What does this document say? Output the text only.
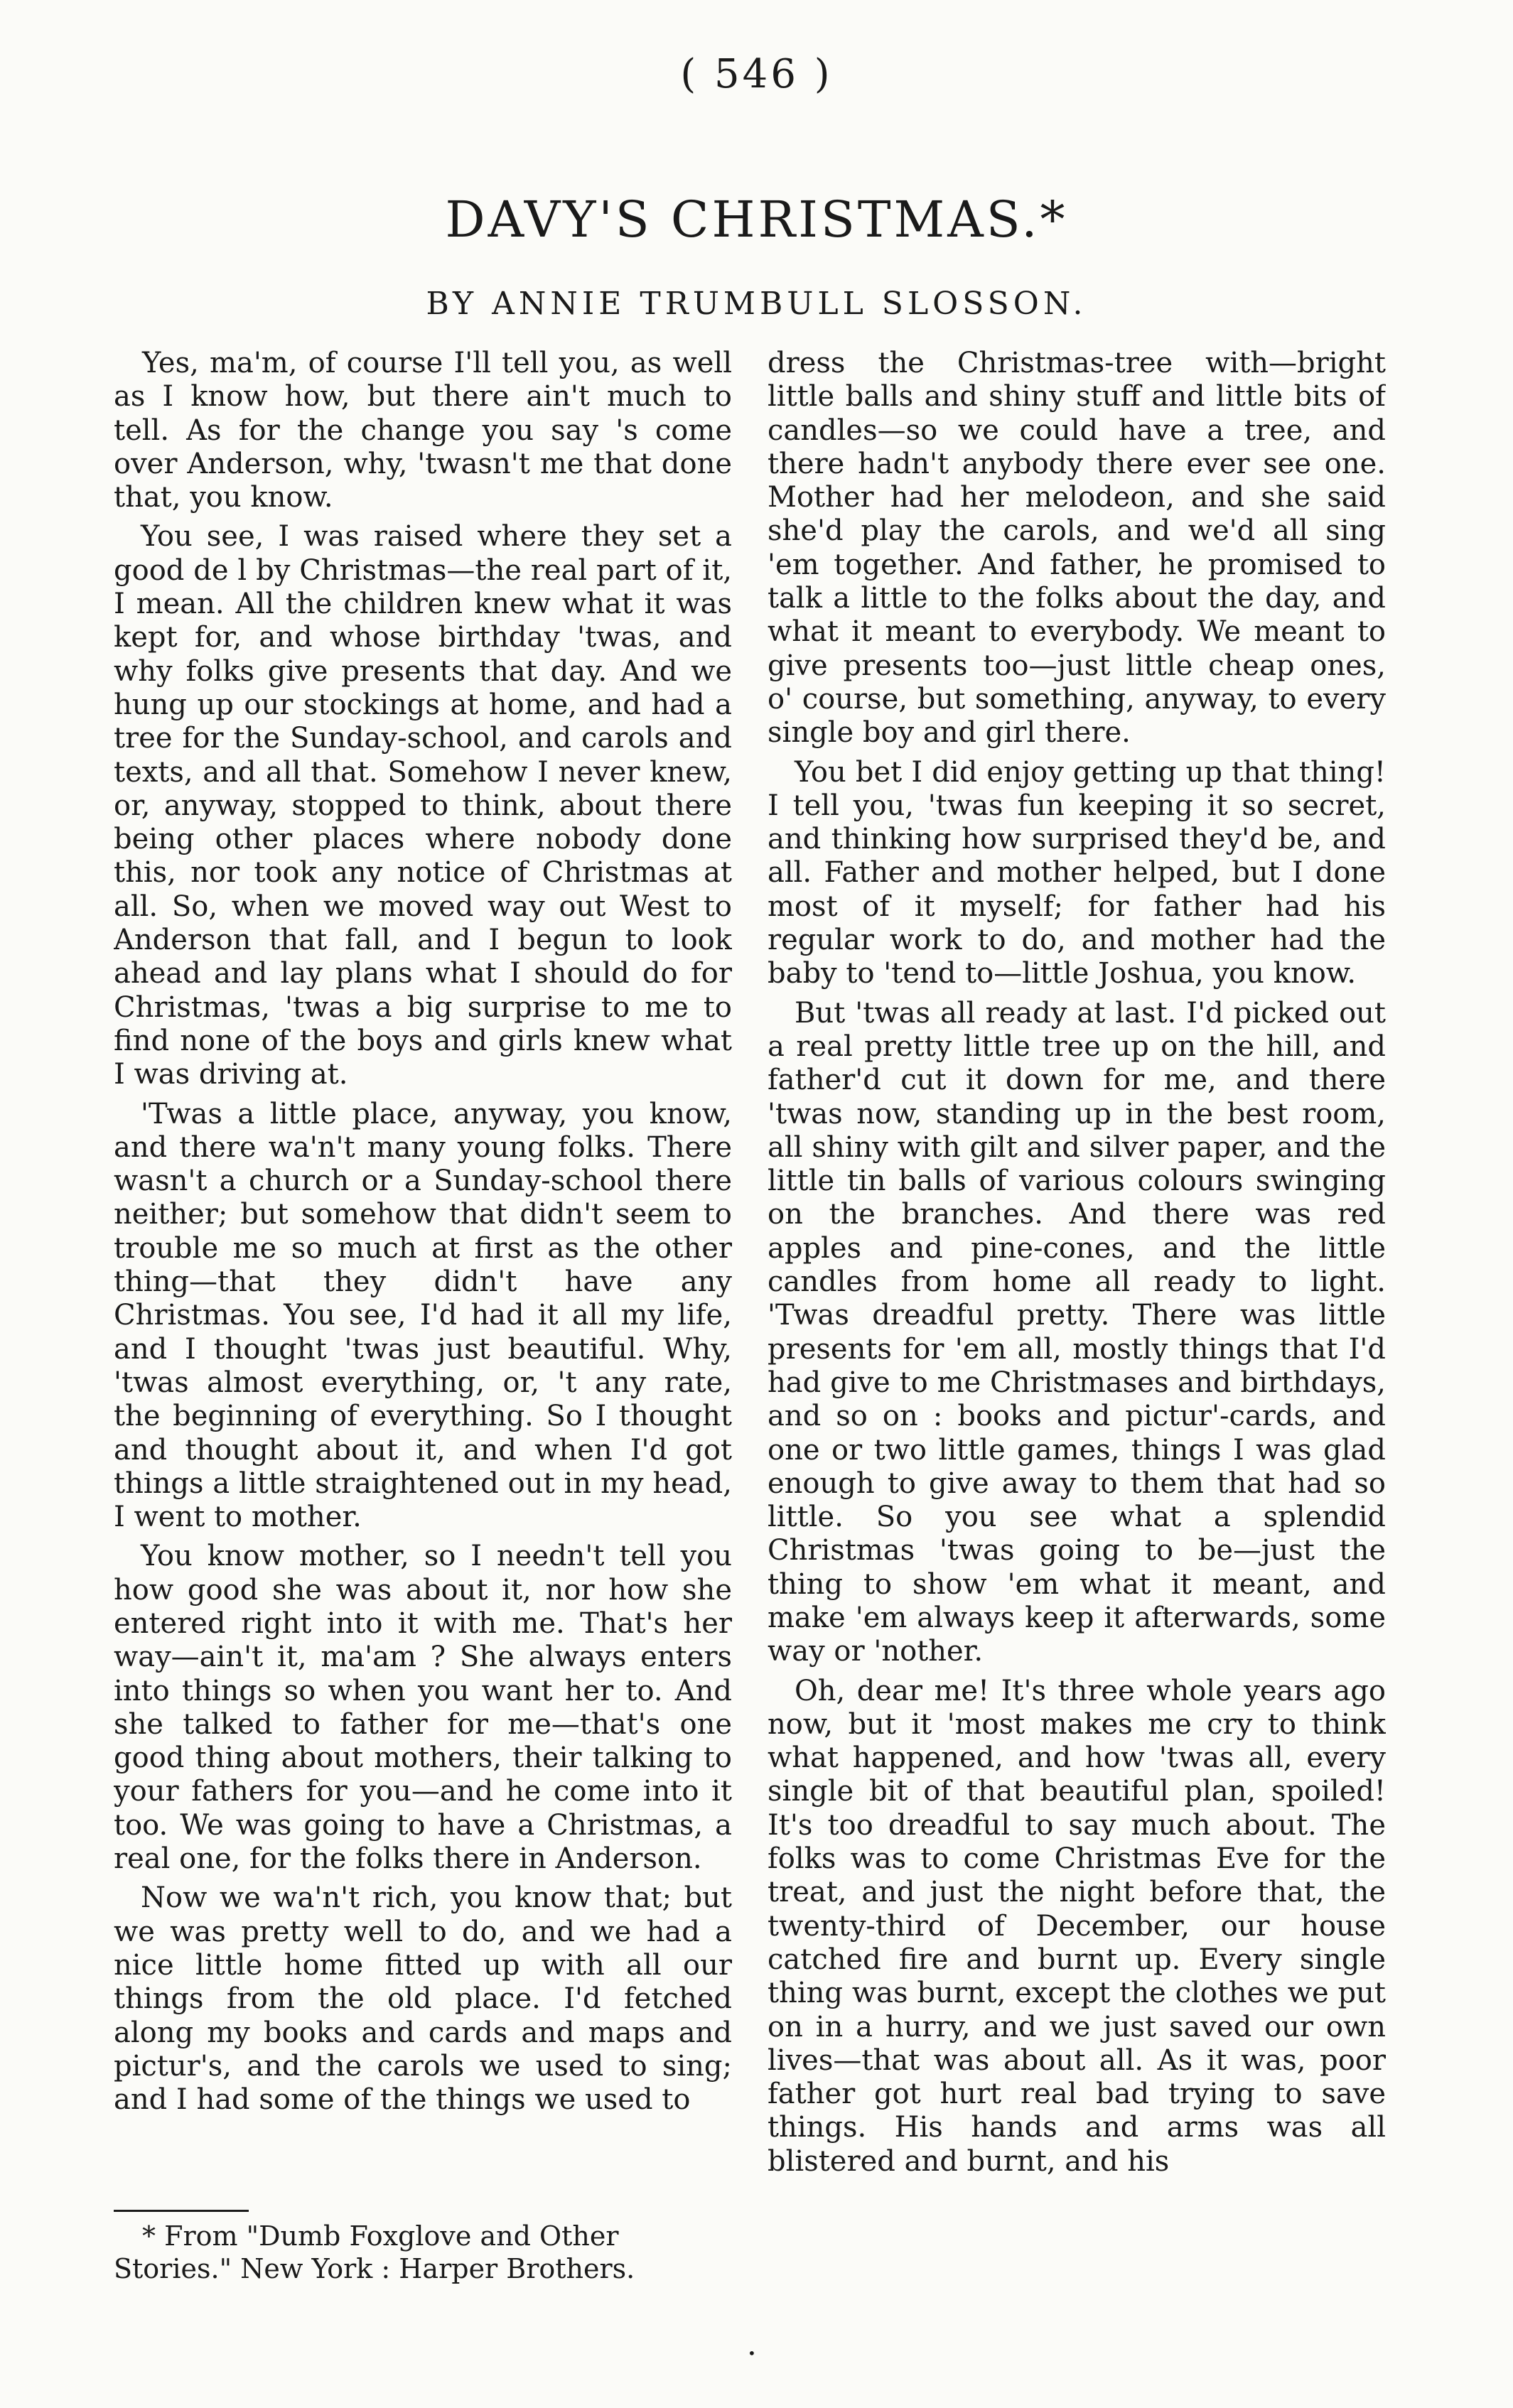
( 546 )
DAVY'S CHRISTMAS.*
BY ANNIE TRUMBULL SLOSSON.

Yes, ma'm, of course I'll tell you, as well as I know how, but there ain't much to tell. As for the change you say 's come over Anderson, why, 'twasn't me that done that, you know.

You see, I was raised where they set a good de l by Christmas—the real part of it, I mean. All the children knew what it was kept for, and whose birthday 'twas, and why folks give presents that day. And we hung up our stockings at home, and had a tree for the Sunday-school, and carols and texts, and all that. Somehow I never knew, or, anyway, stopped to think, about there being other places where nobody done this, nor took any notice of Christmas at all. So, when we moved way out West to Anderson that fall, and I begun to look ahead and lay plans what I should do for Christmas, 'twas a big surprise to me to find none of the boys and girls knew what I was driving at.

'Twas a little place, anyway, you know, and there wa'n't many young folks. There wasn't a church or a Sunday-school there neither; but somehow that didn't seem to trouble me so much at first as the other thing—that they didn't have any Christmas. You see, I'd had it all my life, and I thought 'twas just beautiful. Why, 'twas almost everything, or, 't any rate, the beginning of everything. So I thought and thought about it, and when I'd got things a little straightened out in my head, I went to mother.

You know mother, so I needn't tell you how good she was about it, nor how she entered right into it with me. That's her way—ain't it, ma'am ? She always enters into things so when you want her to. And she talked to father for me—that's one good thing about mothers, their talking to your fathers for you—and he come into it too. We was going to have a Christmas, a real one, for the folks there in Anderson.

Now we wa'n't rich, you know that; but we was pretty well to do, and we had a nice little home fitted up with all our things from the old place. I'd fetched along my books and cards and maps and pictur's, and the carols we used to sing; and I had some of the things we used to

dress the Christmas-tree with—bright little balls and shiny stuff and little bits of candles—so we could have a tree, and there hadn't anybody there ever see one. Mother had her melodeon, and she said she'd play the carols, and we'd all sing 'em together. And father, he promised to talk a little to the folks about the day, and what it meant to everybody. We meant to give presents too—just little cheap ones, o' course, but something, anyway, to every single boy and girl there.

You bet I did enjoy getting up that thing! I tell you, 'twas fun keeping it so secret, and thinking how surprised they'd be, and all. Father and mother helped, but I done most of it myself; for father had his regular work to do, and mother had the baby to 'tend to—little Joshua, you know.

But 'twas all ready at last. I'd picked out a real pretty little tree up on the hill, and father'd cut it down for me, and there 'twas now, standing up in the best room, all shiny with gilt and silver paper, and the little tin balls of various colours swinging on the branches. And there was red apples and pine-cones, and the little candles from home all ready to light. 'Twas dreadful pretty. There was little presents for 'em all, mostly things that I'd had give to me Christmases and birthdays, and so on : books and pictur'-cards, and one or two little games, things I was glad enough to give away to them that had so little. So you see what a splendid Christmas 'twas going to be—just the thing to show 'em what it meant, and make 'em always keep it afterwards, some way or 'nother.

Oh, dear me! It's three whole years ago now, but it 'most makes me cry to think what happened, and how 'twas all, every single bit of that beautiful plan, spoiled! It's too dreadful to say much about. The folks was to come Christmas Eve for the treat, and just the night before that, the twenty-third of December, our house catched fire and burnt up. Every single thing was burnt, except the clothes we put on in a hurry, and we just saved our own lives—that was about all. As it was, poor father got hurt real bad trying to save things. His hands and arms was all blistered and burnt, and his

* From "Dumb Foxglove and Other Stories." New York : Harper Brothers.
•
